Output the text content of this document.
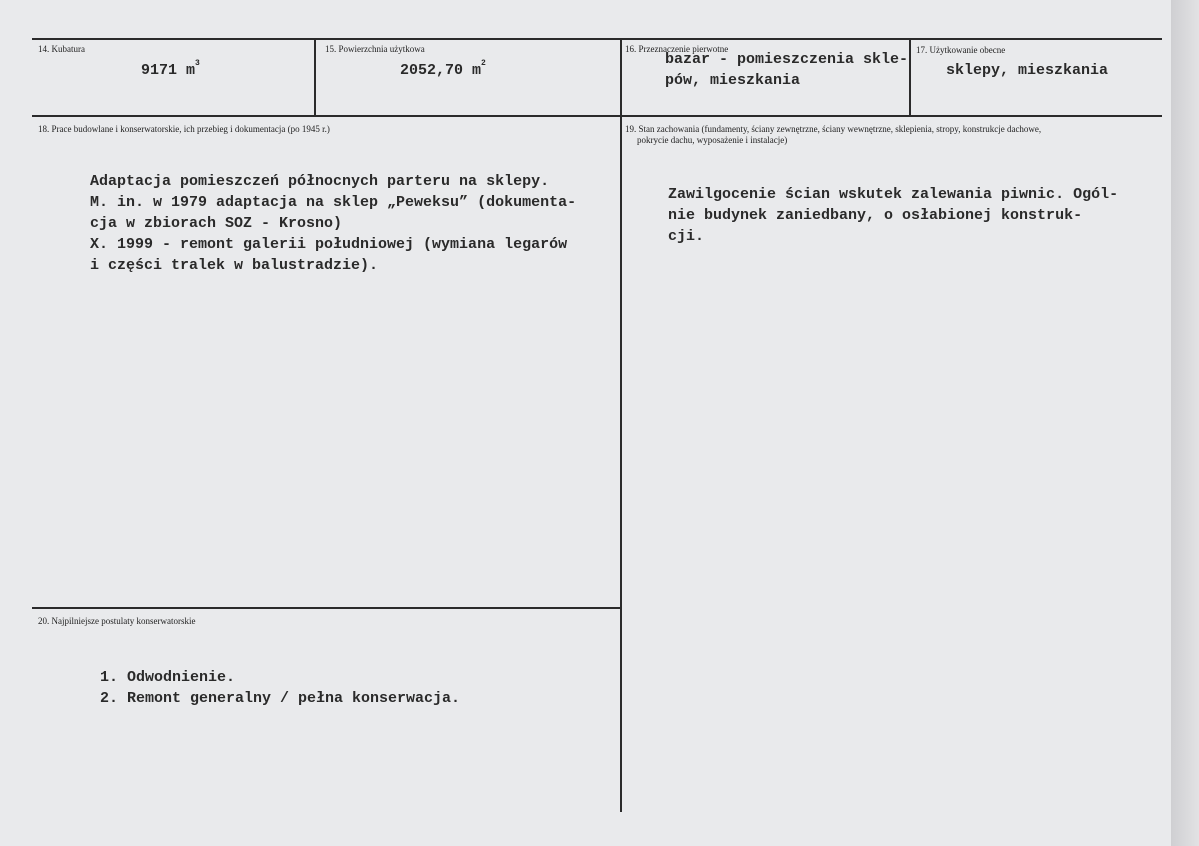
14. Kubatura
9171 $m^3$
15. Powierzchnia użytkowa
2052,70 $m^2$
16. Przeznaczenie pierwotne
bazar - pomieszczenia skle-
pów, mieszkania
17. Użytkowanie obecne
sklepy, mieszkania
18. Prace budowlane i konserwatorskie, ich przebieg i dokumentacja (po 1945 r.)

Adaptacja pomieszczeń północnych parteru na sklepy.

M. in. w 1979 adaptacja na sklep „Peweksu” (dokumenta-

cja w zbiorach SOZ - Krosno)

X. 1999 - remont galerii południowej (wymiana legarów

i części tralek w balustradzie).

19. Stan zachowania (fundamenty, ściany zewnętrzne, ściany wewnętrzne, sklepienia, stropy, konstrukcje dachowe,
pokrycie dachu, wyposażenie i instalacje)

Zawilgocenie ścian wskutek zalewania piwnic. Ogól-

nie budynek zaniedbany, o osłabionej konstruk-

cji.

20. Najpilniejsze postulaty konserwatorskie

1. Odwodnienie.

2. Remont generalny / pełna konserwacja.
